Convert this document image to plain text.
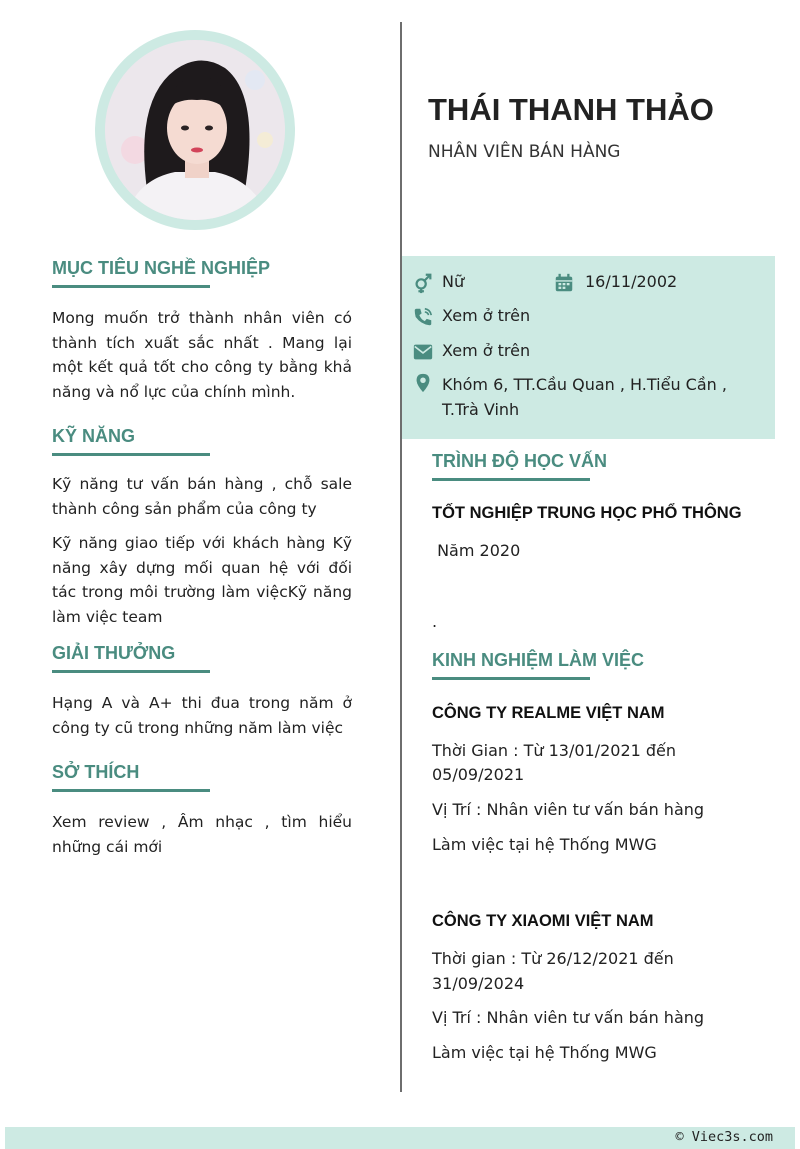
THÁI THANH THẢO
NHÂN VIÊN BÁN HÀNG
Nữ	16/11/2002
Xem ở trên
Xem ở trên
Khóm 6, TT.Cầu Quan , H.Tiểu Cần , T.Trà Vinh
MỤC TIÊU NGHỀ NGHIỆP
Mong muốn trở thành nhân viên có thành tích xuất sắc nhất . Mang lại một kết quả tốt cho công ty bằng khả năng và nổ lực của chính mình.
KỸ NĂNG
Kỹ năng tư vấn bán hàng , chỗ sale thành công sản phẩm của công ty
Kỹ năng giao tiếp với khách hàng Kỹ năng xây dựng mối quan hệ với đối tác trong môi trường làm việcKỹ năng làm việc team
GIẢI THƯỞNG
Hạng A và A+ thi đua trong năm ở công ty cũ trong những năm làm việc
SỞ THÍCH
Xem review , Âm nhạc , tìm hiểu những cái mới
TRÌNH ĐỘ HỌC VẤN
TỐT NGHIỆP TRUNG HỌC PHỔ THÔNG
Năm 2020
.
KINH NGHIỆM LÀM VIỆC
CÔNG TY REALME VIỆT NAM
Thời Gian : Từ 13/01/2021 đến
05/09/2021
Vị Trí : Nhân viên tư vấn bán hàng
Làm việc tại hệ Thống MWG
CÔNG TY XIAOMI VIỆT NAM
Thời gian : Từ 26/12/2021 đến
31/09/2024
Vị Trí : Nhân viên tư vấn bán hàng
Làm việc tại hệ Thống MWG
© Viec3s.com
